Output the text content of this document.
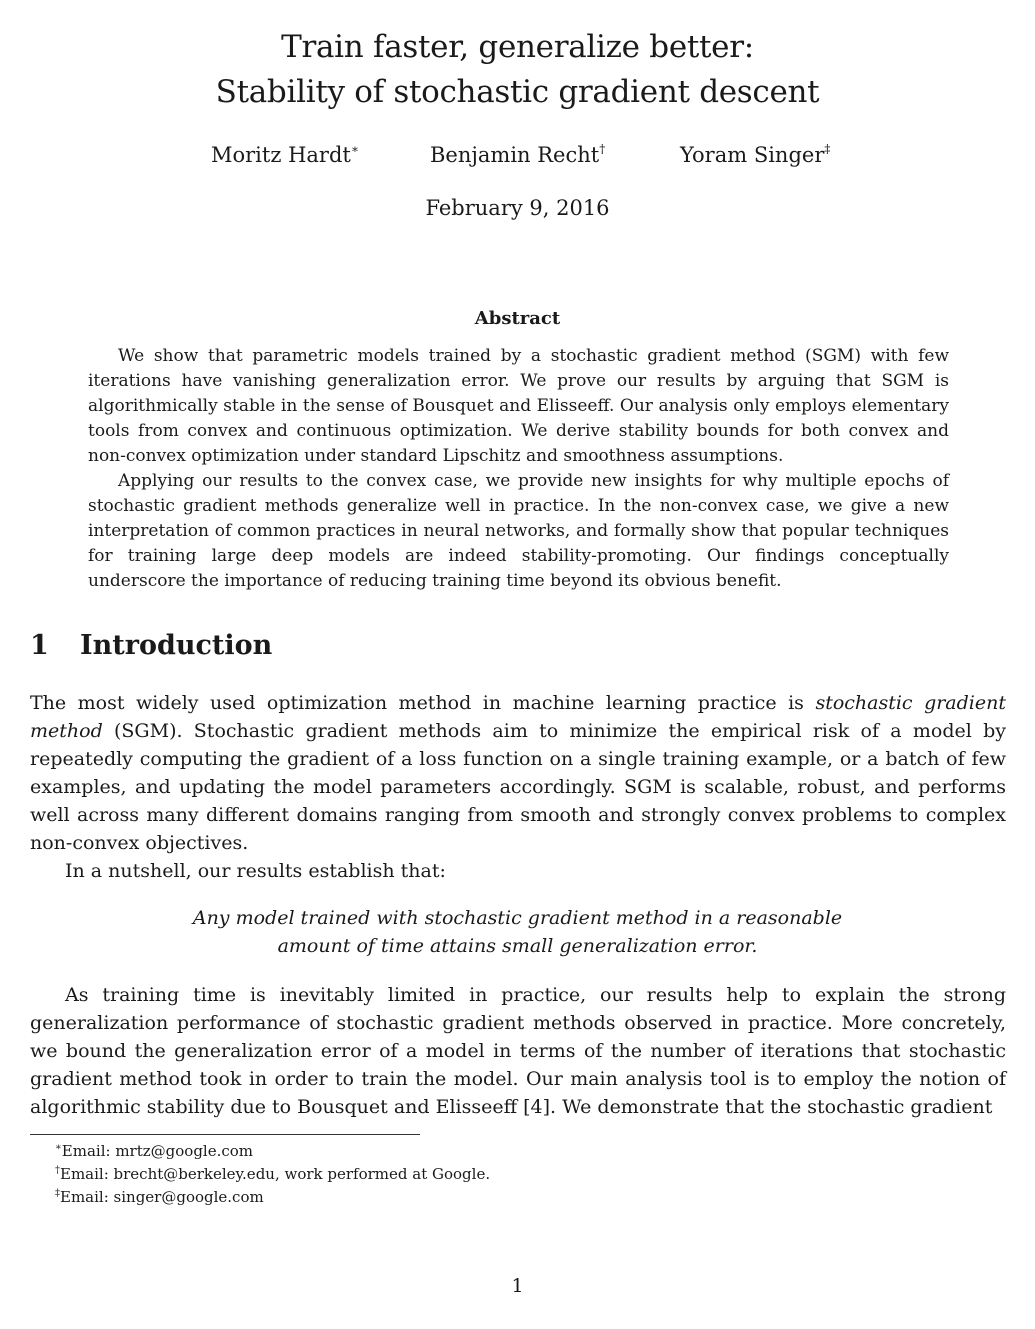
Train faster, generalize better:
Stability of stochastic gradient descent
Moritz Hardt∗	Benjamin Recht†	Yoram Singer‡
February 9, 2016
Abstract

We show that parametric models trained by a stochastic gradient method (SGM) with few iterations have vanishing generalization error. We prove our results by arguing that SGM is algorithmically stable in the sense of Bousquet and Elisseeff. Our analysis only employs elementary tools from convex and continuous optimization. We derive stability bounds for both convex and non-convex optimization under standard Lipschitz and smoothness assumptions.

Applying our results to the convex case, we provide new insights for why multiple epochs of stochastic gradient methods generalize well in practice. In the non-convex case, we give a new interpretation of common practices in neural networks, and formally show that popular techniques for training large deep models are indeed stability-promoting. Our findings conceptually underscore the importance of reducing training time beyond its obvious benefit.

1 Introduction

The most widely used optimization method in machine learning practice is stochastic gradient method (SGM). Stochastic gradient methods aim to minimize the empirical risk of a model by repeatedly computing the gradient of a loss function on a single training example, or a batch of few examples, and updating the model parameters accordingly. SGM is scalable, robust, and performs well across many different domains ranging from smooth and strongly convex problems to complex non-convex objectives.

In a nutshell, our results establish that:

Any model trained with stochastic gradient method in a reasonable
amount of time attains small generalization error.

As training time is inevitably limited in practice, our results help to explain the strong generalization performance of stochastic gradient methods observed in practice. More concretely, we bound the generalization error of a model in terms of the number of iterations that stochastic gradient method took in order to train the model. Our main analysis tool is to employ the notion of algorithmic stability due to Bousquet and Elisseeff [4]. We demonstrate that the stochastic gradient

∗Email: mrtz@google.com
†Email: brecht@berkeley.edu, work performed at Google.
‡Email: singer@google.com
1
